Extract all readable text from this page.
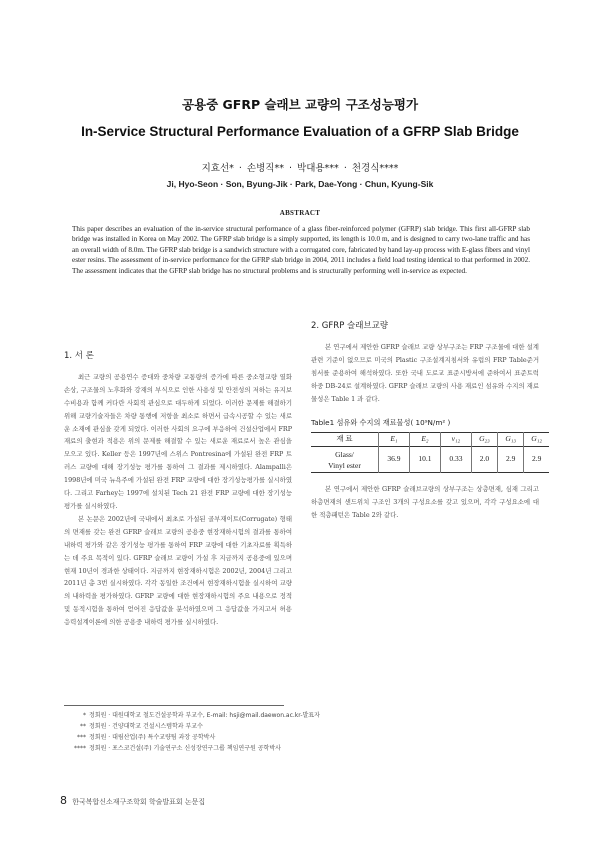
공용중 GFRP 슬래브 교량의 구조성능평가
In-Service Structural Performance Evaluation of a GFRP Slab Bridge
지효선* · 손병직** · 박대용*** · 천경식****
Ji, Hyo-Seon · Son, Byung-Jik · Park, Dae-Yong · Chun, Kyung-Sik
ABSTRACT
This paper describes an evaluation of the in-service structural performance of a glass fiber-reinforced polymer (GFRP) slab bridge. This first all-GFRP slab bridge was installed in Korea on May 2002. The GFRP slab bridge is a simply supported, its length is 10.0 m, and is designed to carry two-lane traffic and has an overall width of 8.0m. The GFRP slab bridge is a sandwich structure with a corrugated core, fabricated by hand lay-up process with E-glass fibers and vinyl ester resins. The assessment of in-service performance for the GFRP slab bridge in 2004, 2011 includes a field load testing identical to that performed in 2002. The assessment indicates that the GFRP slab bridge has no structural problems and is structurally performing well in-service as expected.
1. 서 론

최근 교량의 공용연수 증대와 중차량 교통량의 증가에 따른 중소형교량 열화손상, 구조물의 노후화와 강재의 부식으로 인한 사용성 및 안전성의 저하는 유지보수비용과 함께 커다란 사회적 관심으로 대두하게 되었다. 이러한 문제를 해결하기 위해 교량기술자들은 차량 통행에 저항을 최소로 하면서 급속시공할 수 있는 새로운 소재에 관심을 갖게 되었다. 이러한 사회의 요구에 부응하여 건설산업에서 FRP재료의 출현과 적용은 위의 문제를 해결할 수 있는 새로운 재료로서 높은 관심을 모으고 있다. Keller 등은 1997년에 스위스 Pontresina에 가설된 완전 FRP 트러스 교량에 대해 장기성능 평가를 통하여 그 결과를 제시하였다. Alampalli은 1998년에 미국 뉴욕주에 가설된 완전 FRP 교량에 대한 장기성능평가를 실시하였다. 그리고 Farhey는 1997에 설치된 Tech 21 완전 FRP 교량에 대한 장기성능 평가를 실시하였다.

본 논문은 2002년에 국내에서 최초로 가설된 골부재이트(Corrugate) 형태의 면재를 갖는 완전 GFRP 슬래브 교량의 공용중 현장재하시험의 결과를 통하여 내하력 평가와 같은 장기성능 평가를 통하여 FRP 교량에 대한 기초자료를 획득하는 데 주요 목적이 있다. GFRP 슬래브 교량이 가설 후 지금까지 공용중에 있으며 현재 10년이 경과한 상태이다. 지금까지 현장재하시험은 2002년, 2004년 그리고 2011년 총 3번 실시하였다. 각각 동일한 조건에서 현장재하시험을 실시하여 교량의 내하력을 평가하였다. GFRP 교량에 대한 현장재하시험의 주요 내용으로 정적 및 동적시험을 통하여 얻어진 응답값을 분석하였으며 그 응답값을 가지고서 허용응력설계이론에 의한 공용중 내하력 평가를 실시하였다.

2. GFRP 슬래브교량

본 연구에서 제안한 GFRP 슬래브 교량 상부구조는 FRP 구조물에 대한 설계관련 기준이 없으므로 미국의 Plastic 구조설계지침서와 유럽의 FRP Table준거침서를 준용하여 해석하였다. 또한 국내 도로교 표준시방서에 준하여서 표준트럭하중 DB-24로 설계하였다. GFRP 슬래브 교량의 사용 재료인 섬유와 수지의 재료물성은 Table 1 과 같다.

Table1 섬유와 수지의 재료물성( 10⁹N/m² )
재 료	E₁	E₂	ν₁₂	G₂₃	G₁₃	G₁₂
Glass/
Vinyl ester	36.9	10.1	0.33	2.0	2.9	2.9

본 연구에서 제안한 GFRP 슬래브교량의 상부구조는 상층면재, 심재 그리고 하층면재의 샌드위치 구조인 3개의 구성요소를 갖고 있으며, 각각 구성요소에 대한 적층패턴은 Table 2와 같다.

* 정회원 · 대원대학교 철도건설공학과 부교수, E-mail: hsji@mail.daewon.ac.kr-발표자
** 정회원 · 건양대학교 건설시스템학과 부교수
*** 정회원 · 대림산업(주) 특수교량팀 과장 공학박사
**** 정회원 · 포스코건설(주) 기술연구소 신성장연구그룹 책임연구원 공학박사
8 한국복합신소재구조학회 학술발표회 논문집
